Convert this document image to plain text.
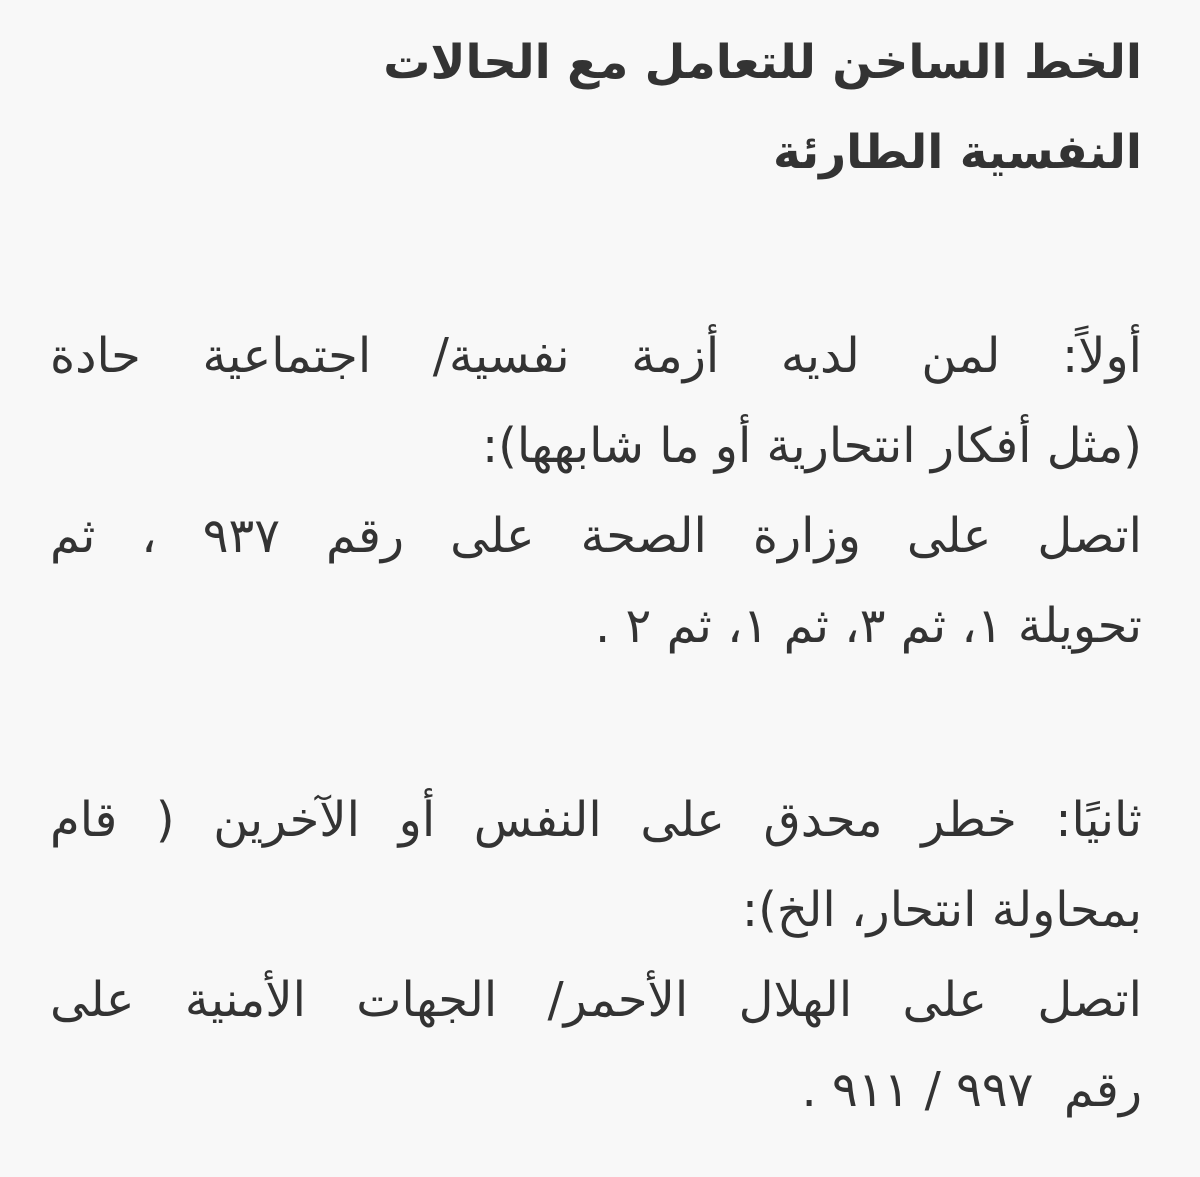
الخط الساخن للتعامل مع الحالات
النفسية الطارئة
أولاً: لمن لديه أزمة نفسية/ اجتماعية حادة
(مثل أفكار انتحارية أو ما شابهها):
اتصل على وزارة الصحة على رقم ٩٣٧ ، ثم
تحويلة ١، ثم ٣، ثم ١، ثم ٢ .
ثانيًا: خطر محدق على النفس أو الآخرين ( قام
بمحاولة انتحار، الخ):
اتصل على الهلال الأحمر/ الجهات الأمنية على
رقم  ٩٩٧ / ٩١١ .
